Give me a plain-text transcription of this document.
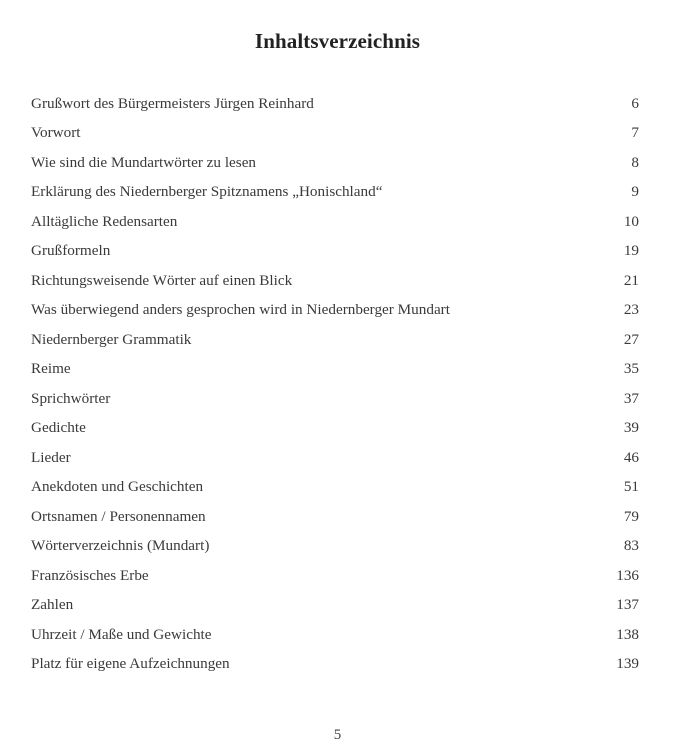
Inhaltsverzeichnis
Grußwort des Bürgermeisters Jürgen Reinhard	6
Vorwort	7
Wie sind die Mundartwörter zu lesen	8
Erklärung des Niedernberger Spitznamens „Honischland“	9
Alltägliche Redensarten	10
Grußformeln	19
Richtungsweisende Wörter auf einen Blick	21
Was überwiegend anders gesprochen wird in Niedernberger Mundart	23
Niedernberger Grammatik	27
Reime	35
Sprichwörter	37
Gedichte	39
Lieder	46
Anekdoten und Geschichten	51
Ortsnamen / Personennamen	79
Wörterverzeichnis (Mundart)	83
Französisches Erbe	136
Zahlen	137
Uhrzeit / Maße und Gewichte	138
Platz für eigene Aufzeichnungen	139
5
